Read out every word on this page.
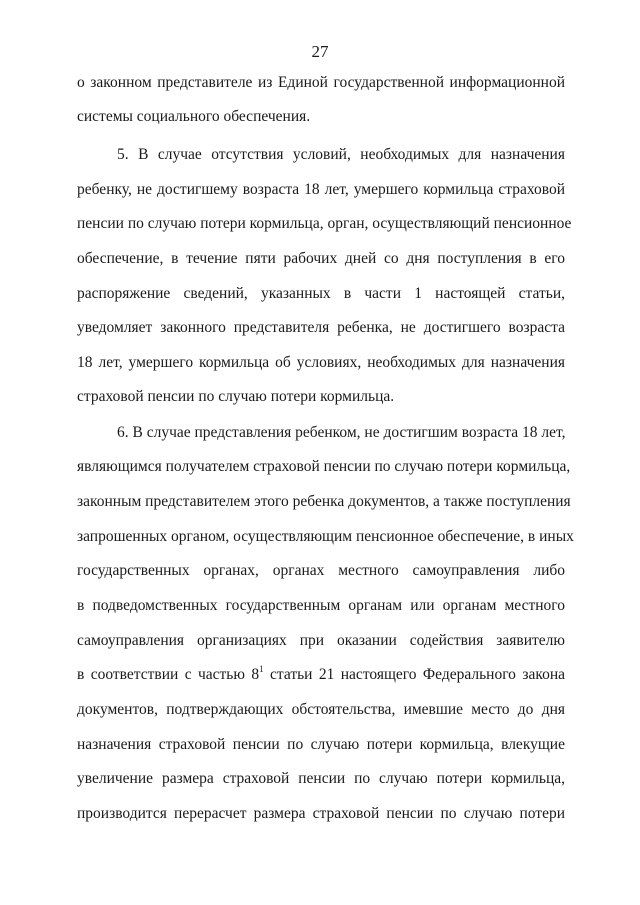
27
о законном представителе из Единой государственной информационной
системы социального обеспечения.
5. В случае отсутствия условий, необходимых для назначения
ребенку, не достигшему возраста 18 лет, умершего кормильца страховой
пенсии по случаю потери кормильца, орган, осуществляющий пенсионное
обеспечение, в течение пяти рабочих дней со дня поступления в его
распоряжение сведений, указанных в части 1 настоящей статьи,
уведомляет законного представителя ребенка, не достигшего возраста
18 лет, умершего кормильца об условиях, необходимых для назначения
страховой пенсии по случаю потери кормильца.
6. В случае представления ребенком, не достигшим возраста 18 лет,
являющимся получателем страховой пенсии по случаю потери кормильца,
законным представителем этого ребенка документов, а также поступления
запрошенных органом, осуществляющим пенсионное обеспечение, в иных
государственных органах, органах местного самоуправления либо
в подведомственных государственным органам или органам местного
самоуправления организациях при оказании содействия заявителю
в соответствии с частью $8^1$ статьи 21 настоящего Федерального закона
документов, подтверждающих обстоятельства, имевшие место до дня
назначения страховой пенсии по случаю потери кормильца, влекущие
увеличение размера страховой пенсии по случаю потери кормильца,
производится перерасчет размера страховой пенсии по случаю потери
